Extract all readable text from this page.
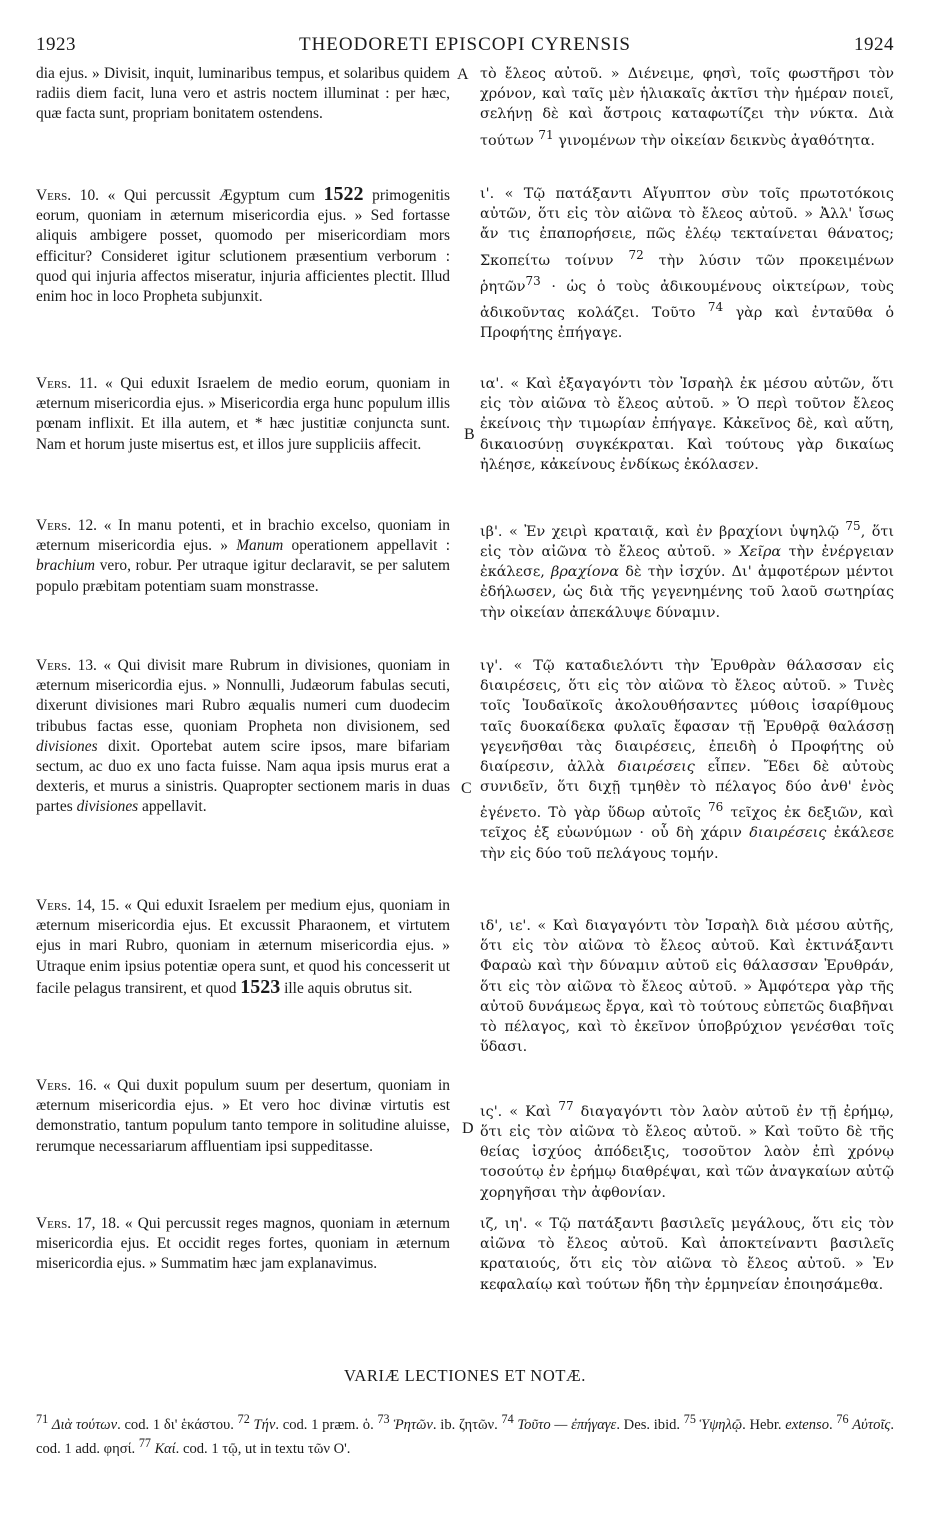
1923	THEODORETI EPISCOPI CYRENSIS	1924
A
B
C
D

dia ejus. » Divisit, inquit, luminaribus tempus, et solaribus quidem radiis diem facit, luna vero et astris noctem illuminat : per hæc, quæ facta sunt, propriam bonitatem ostendens.

Vers. 10. « Qui percussit Ægyptum cum 1522 primogenitis eorum, quoniam in æternum misericordia ejus. » Sed fortasse aliquis ambigere posset, quomodo per misericordiam mors efficitur? Consideret igitur sclutionem præsentium verborum : quod qui injuria affectos miseratur, injuria afficientes plectit. Illud enim hoc in loco Propheta subjunxit.

Vers. 11. « Qui eduxit Israelem de medio eorum, quoniam in æternum misericordia ejus. » Misericordia erga hunc populum illis pœnam inflixit. Et illa autem, et * hæc justitiæ conjuncta sunt. Nam et horum juste misertus est, et illos jure suppliciis affecit.

Vers. 12. « In manu potenti, et in brachio excelso, quoniam in æternum misericordia ejus. » Manum operationem appellavit : brachium vero, robur. Per utraque igitur declaravit, se per salutem populo præbitam potentiam suam monstrasse.

Vers. 13. « Qui divisit mare Rubrum in divisiones, quoniam in æternum misericordia ejus. » Nonnulli, Judæorum fabulas secuti, dixerunt divisiones mari Rubro æqualis numeri cum duodecim tribubus factas esse, quoniam Propheta non divisionem, sed divisiones dixit. Oportebat autem scire ipsos, mare bifariam sectum, ac duo ex uno facta fuisse. Nam aqua ipsis murus erat a dexteris, et murus a sinistris. Quapropter sectionem maris in duas partes divisiones appellavit.

Vers. 14, 15. « Qui eduxit Israelem per medium ejus, quoniam in æternum misericordia ejus. Et excussit Pharaonem, et virtutem ejus in mari Rubro, quoniam in æternum misericordia ejus. » Utraque enim ipsius potentiæ opera sunt, et quod his concesserit ut facile pelagus transirent, et quod 1523 ille aquis obrutus sit.

Vers. 16. « Qui duxit populum suum per desertum, quoniam in æternum misericordia ejus. » Et vero hoc divinæ virtutis est demonstratio, tantum populum tanto tempore in solitudine aluisse, rerumque necessariarum affluentiam ipsi suppeditasse.

Vers. 17, 18. « Qui percussit reges magnos, quoniam in æternum misericordia ejus. Et occidit reges fortes, quoniam in æternum misericordia ejus. » Summatim hæc jam explanavimus.

τὸ ἔλεος αὐτοῦ. » Διένειμε, φησὶ, τοῖς φωστῆρσι τὸν χρόνον, καὶ ταῖς μὲν ἡλιακαῖς ἀκτῖσι τὴν ἡμέραν ποιεῖ, σελήνῃ δὲ καὶ ἄστροις καταφωτίζει τὴν νύκτα. Διὰ τούτων $^{71}$ γινομένων τὴν οἰκείαν δεικνὺς ἀγαθότητα.

ι'. « Τῷ πατάξαντι Αἴγυπτον σὺν τοῖς πρωτοτόκοις αὐτῶν, ὅτι εἰς τὸν αἰῶνα τὸ ἔλεος αὐτοῦ. » Ἀλλ' ἴσως ἄν τις ἐπαπορήσειε, πῶς ἐλέῳ τεκταίνεται θάνατος; Σκοπείτω τοίνυν $^{72}$ τὴν λύσιν τῶν προκειμένων ῥητῶν$^{73}$ · ὡς ὁ τοὺς ἀδικουμένους οἰκτείρων, τοὺς ἀδικοῦντας κολάζει. Τοῦτο $^{74}$ γὰρ καὶ ἐνταῦθα ὁ Προφήτης ἐπήγαγε.

ια'. « Καὶ ἐξαγαγόντι τὸν Ἰσραὴλ ἐκ μέσου αὐτῶν, ὅτι εἰς τὸν αἰῶνα τὸ ἔλεος αὐτοῦ. » Ὁ περὶ τοῦτον ἔλεος ἐκείνοις τὴν τιμωρίαν ἐπήγαγε. Κἀκεῖνος δὲ, καὶ αὕτη, δικαιοσύνῃ συγκέκραται. Καὶ τούτους γὰρ δικαίως ἠλέησε, κἀκείνους ἐνδίκως ἐκόλασεν.

ιβ'. « Ἐν χειρὶ κραταιᾷ, καὶ ἐν βραχίονι ὑψηλῷ $^{75}$, ὅτι εἰς τὸν αἰῶνα τὸ ἔλεος αὐτοῦ. » Χεῖρα τὴν ἐνέργειαν ἐκάλεσε, βραχίονα δὲ τὴν ἰσχύν. Δι' ἀμφοτέρων μέντοι ἐδήλωσεν, ὡς διὰ τῆς γεγενημένης τοῦ λαοῦ σωτηρίας τὴν οἰκείαν ἀπεκάλυψε δύναμιν.

ιγ'. « Τῷ καταδιελόντι τὴν Ἐρυθρὰν θάλασσαν εἰς διαιρέσεις, ὅτι εἰς τὸν αἰῶνα τὸ ἔλεος αὐτοῦ. » Τινὲς τοῖς Ἰουδαϊκοῖς ἀκολουθήσαντες μύθοις ἰσαρίθμους ταῖς δυοκαίδεκα φυλαῖς ἔφασαν τῇ Ἐρυθρᾷ θαλάσσῃ γεγενῆσθαι τὰς διαιρέσεις, ἐπειδὴ ὁ Προφήτης οὐ διαίρεσιν, ἀλλὰ διαιρέσεις εἶπεν. Ἔδει δὲ αὐτοὺς συνιδεῖν, ὅτι διχῇ τμηθὲν τὸ πέλαγος δύο ἀνθ' ἑνὸς ἐγένετο. Τὸ γὰρ ὕδωρ αὐτοῖς $^{76}$ τεῖχος ἐκ δεξιῶν, καὶ τεῖχος ἐξ εὐωνύμων · οὗ δὴ χάριν διαιρέσεις ἐκάλεσε τὴν εἰς δύο τοῦ πελάγους τομήν.

ιδ', ιε'. « Καὶ διαγαγόντι τὸν Ἰσραὴλ διὰ μέσου αὐτῆς, ὅτι εἰς τὸν αἰῶνα τὸ ἔλεος αὐτοῦ. Καὶ ἐκτινάξαντι Φαραὼ καὶ τὴν δύναμιν αὐτοῦ εἰς θάλασσαν Ἐρυθράν, ὅτι εἰς τὸν αἰῶνα τὸ ἔλεος αὐτοῦ. » Ἀμφότερα γὰρ τῆς αὐτοῦ δυνάμεως ἔργα, καὶ τὸ τούτους εὐπετῶς διαβῆναι τὸ πέλαγος, καὶ τὸ ἐκεῖνον ὑποβρύχιον γενέσθαι τοῖς ὕδασι.

ις'. « Καὶ $^{77}$ διαγαγόντι τὸν λαὸν αὐτοῦ ἐν τῇ ἐρήμῳ, ὅτι εἰς τὸν αἰῶνα τὸ ἔλεος αὐτοῦ. » Καὶ τοῦτο δὲ τῆς θείας ἰσχύος ἀπόδειξις, τοσοῦτον λαὸν ἐπὶ χρόνῳ τοσούτῳ ἐν ἐρήμῳ διαθρέψαι, καὶ τῶν ἀναγκαίων αὐτῷ χορηγῆσαι τὴν ἀφθονίαν.

ιζ, ιη'. « Τῷ πατάξαντι βασιλεῖς μεγάλους, ὅτι εἰς τὸν αἰῶνα τὸ ἔλεος αὐτοῦ. Καὶ ἀποκτείναντι βασιλεῖς κραταιούς, ὅτι εἰς τὸν αἰῶνα τὸ ἔλεος αὐτοῦ. » Ἐν κεφαλαίῳ καὶ τούτων ἤδη τὴν ἑρμηνείαν ἐποιησάμεθα.

VARIÆ LECTIONES ET NOTÆ.
$^{71}$ Διὰ τούτων. cod. 1 δι' ἑκάστου. $^{72}$ Τήν. cod. 1 præm. ὁ. $^{73}$ Ῥητῶν. ib. ζητῶν. $^{74}$ Τοῦτο — ἐπήγαγε. Des. ibid. $^{75}$ Ὑψηλῷ. Hebr. extenso. $^{76}$ Αὐτοῖς. cod. 1 add. φησί. $^{77}$ Καί. cod. 1 τῷ, ut in textu τῶν Ο'.
